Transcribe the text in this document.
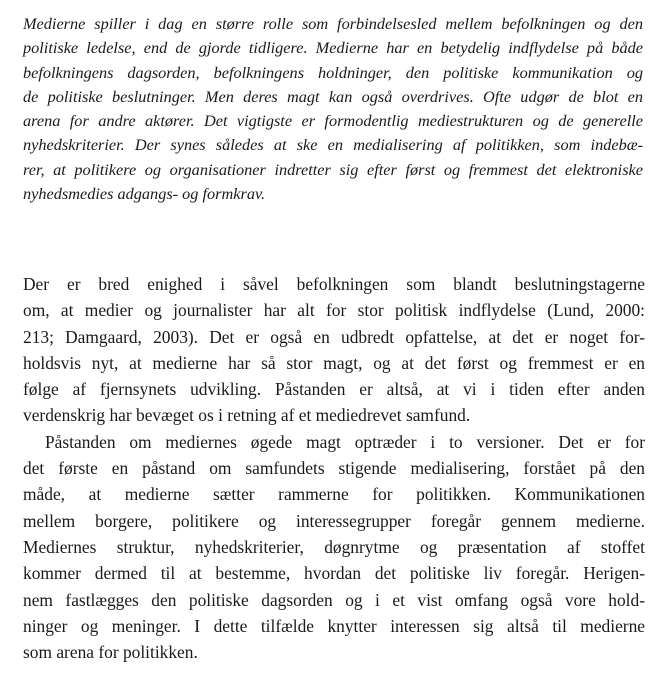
Medierne spiller i dag en større rolle som forbindelsesled mellem befolkningen og den
politiske ledelse, end de gjorde tidligere. Medierne har en betydelig indflydelse på både
befolkningens dagsorden, befolkningens holdninger, den politiske kommunikation og
de politiske beslutninger. Men deres magt kan også overdrives. Ofte udgør de blot en
arena for andre aktører. Det vigtigste er formodentlig mediestrukturen og de generelle
nyhedskriterier. Der synes således at ske en medialisering af politikken, som indebæ-
rer, at politikere og organisationer indretter sig efter først og fremmest det elektroniske
nyhedsmedies adgangs- og formkrav.
Der er bred enighed i såvel befolkningen som blandt beslutningstagerne
om, at medier og journalister har alt for stor politisk indflydelse (Lund, 2000:
213; Damgaard, 2003). Det er også en udbredt opfattelse, at det er noget for-
holdsvis nyt, at medierne har så stor magt, og at det først og fremmest er en
følge af fjernsynets udvikling. Påstanden er altså, at vi i tiden efter anden
verdenskrig har bevæget os i retning af et mediedrevet samfund.
Påstanden om mediernes øgede magt optræder i to versioner. Det er for
det første en påstand om samfundets stigende medialisering, forstået på den
måde, at medierne sætter rammerne for politikken. Kommunikationen
mellem borgere, politikere og interessegrupper foregår gennem medierne.
Mediernes struktur, nyhedskriterier, døgnrytme og præsentation af stoffet
kommer dermed til at bestemme, hvordan det politiske liv foregår. Herigen-
nem fastlægges den politiske dagsorden og i et vist omfang også vore hold-
ninger og meninger. I dette tilfælde knytter interessen sig altså til medierne
som arena for politikken.
